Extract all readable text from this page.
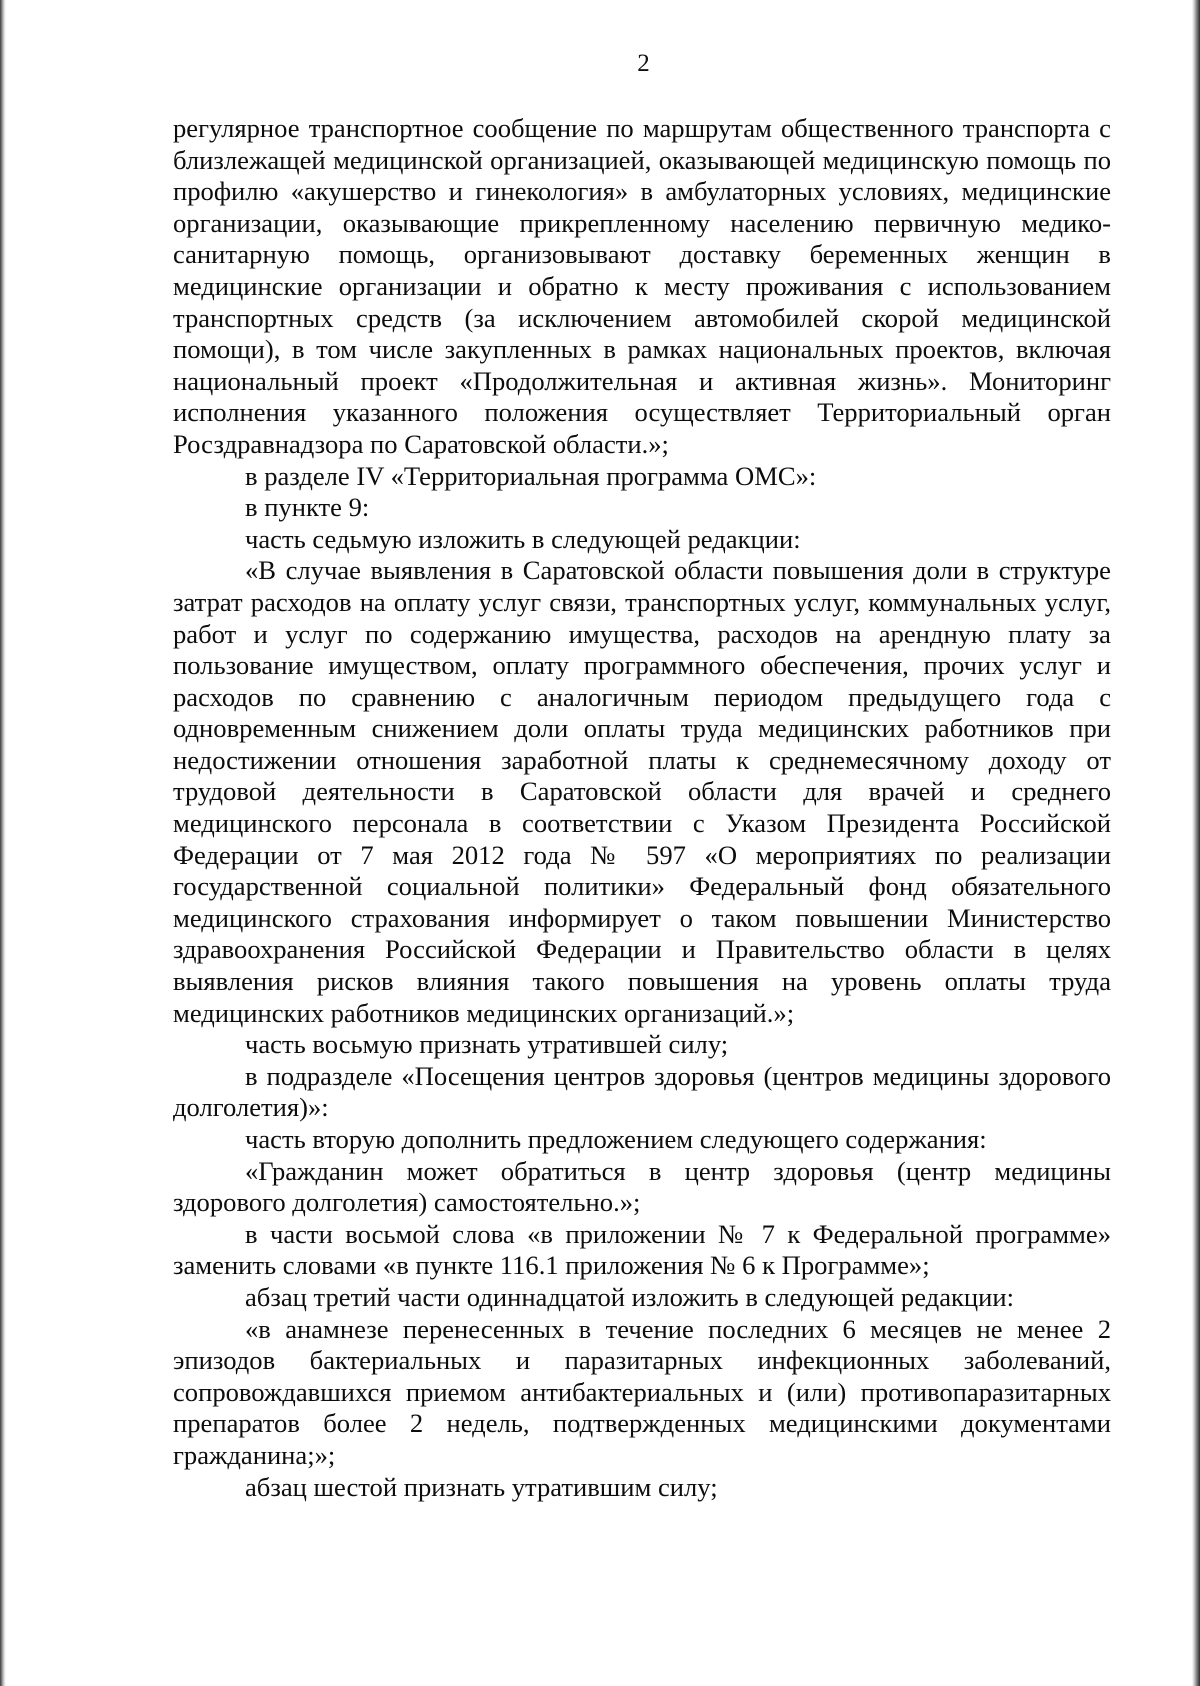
2

регулярное транспортное сообщение по маршрутам общественного транспорта с близлежащей медицинской организацией, оказывающей медицинскую помощь по профилю «акушерство и гинекология» в амбулаторных условиях, медицинские организации, оказывающие прикрепленному населению первичную медико-санитарную помощь, организовывают доставку беременных женщин в медицинские организации и обратно к месту проживания с использованием транспортных средств (за исключением автомобилей скорой медицинской помощи), в том числе закупленных в рамках национальных проектов, включая национальный проект «Продолжительная и активная жизнь». Мониторинг исполнения указанного положения осуществляет Территориальный орган Росздравнадзора по Саратовской области.»;

в разделе IV «Территориальная программа ОМС»:

в пункте 9:

часть седьмую изложить в следующей редакции:

«В случае выявления в Саратовской области повышения доли в структуре затрат расходов на оплату услуг связи, транспортных услуг, коммунальных услуг, работ и услуг по содержанию имущества, расходов на арендную плату за пользование имуществом, оплату программного обеспечения, прочих услуг и расходов по сравнению с аналогичным периодом предыдущего года с одновременным снижением доли оплаты труда медицинских работников при недостижении отношения заработной платы к среднемесячному доходу от трудовой деятельности в Саратовской области для врачей и среднего медицинского персонала в соответствии с Указом Президента Российской Федерации от 7 мая 2012 года № 597 «О мероприятиях по реализации государственной социальной политики» Федеральный фонд обязательного медицинского страхования информирует о таком повышении Министерство здравоохранения Российской Федерации и Правительство области в целях выявления рисков влияния такого повышения на уровень оплаты труда медицинских работников медицинских организаций.»;

часть восьмую признать утратившей силу;

в подразделе «Посещения центров здоровья (центров медицины здорового долголетия)»:

часть вторую дополнить предложением следующего содержания:

«Гражданин может обратиться в центр здоровья (центр медицины здорового долголетия) самостоятельно.»;

в части восьмой слова «в приложении № 7 к Федеральной программе» заменить словами «в пункте 116.1 приложения № 6 к Программе»;

абзац третий части одиннадцатой изложить в следующей редакции:

«в анамнезе перенесенных в течение последних 6 месяцев не менее 2 эпизодов бактериальных и паразитарных инфекционных заболеваний, сопровождавшихся приемом антибактериальных и (или) противопаразитарных препаратов более 2 недель, подтвержденных медицинскими документами гражданина;»;

абзац шестой признать утратившим силу;
